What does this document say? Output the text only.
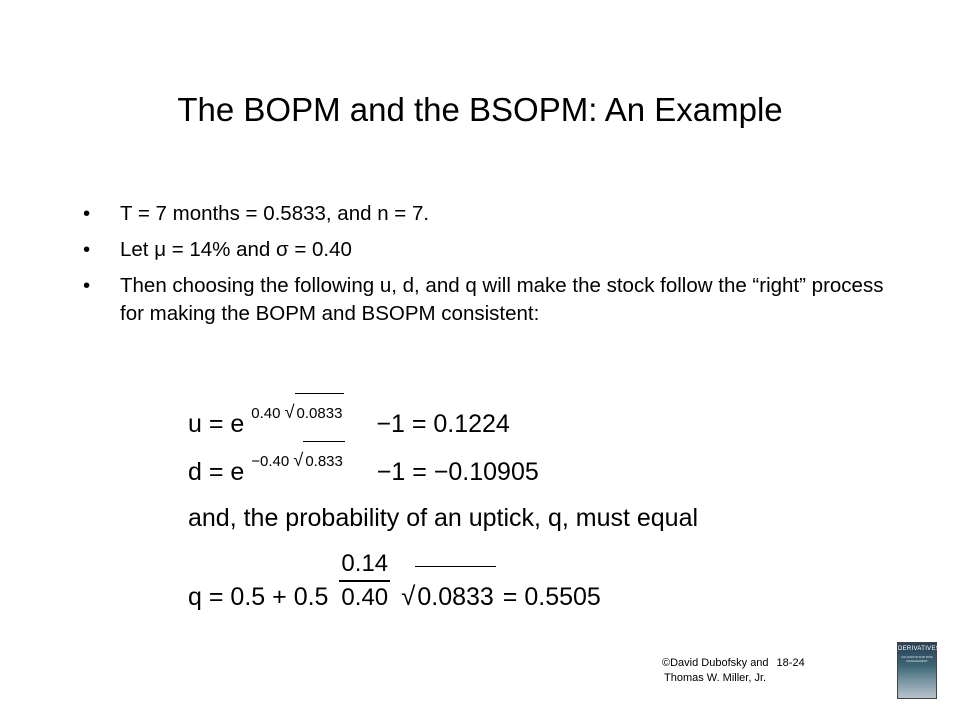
The BOPM and the BSOPM: An Example
• T = 7 months = 0.5833, and n = 7.
• Let μ = 14% and σ = 0.40
• Then choosing the following u, d, and q will make the stock follow the “right” process for making the BOPM and BSOPM consistent:
u = e 0.40 √ 0.0833 −1 = 0.1224
d = e −0.40 √ 0.833 −1 = −0.10905
and, the probability of an uptick, q, must equal
$q = 0.5 + 0.5 \frac{0.14}{0.40} √0.0833 = 0.5505$
©David Dubofsky and 18-24
Thomas W. Miller, Jr.
DERIVATIVES
VALUATION AND RISK MANAGEMENT
